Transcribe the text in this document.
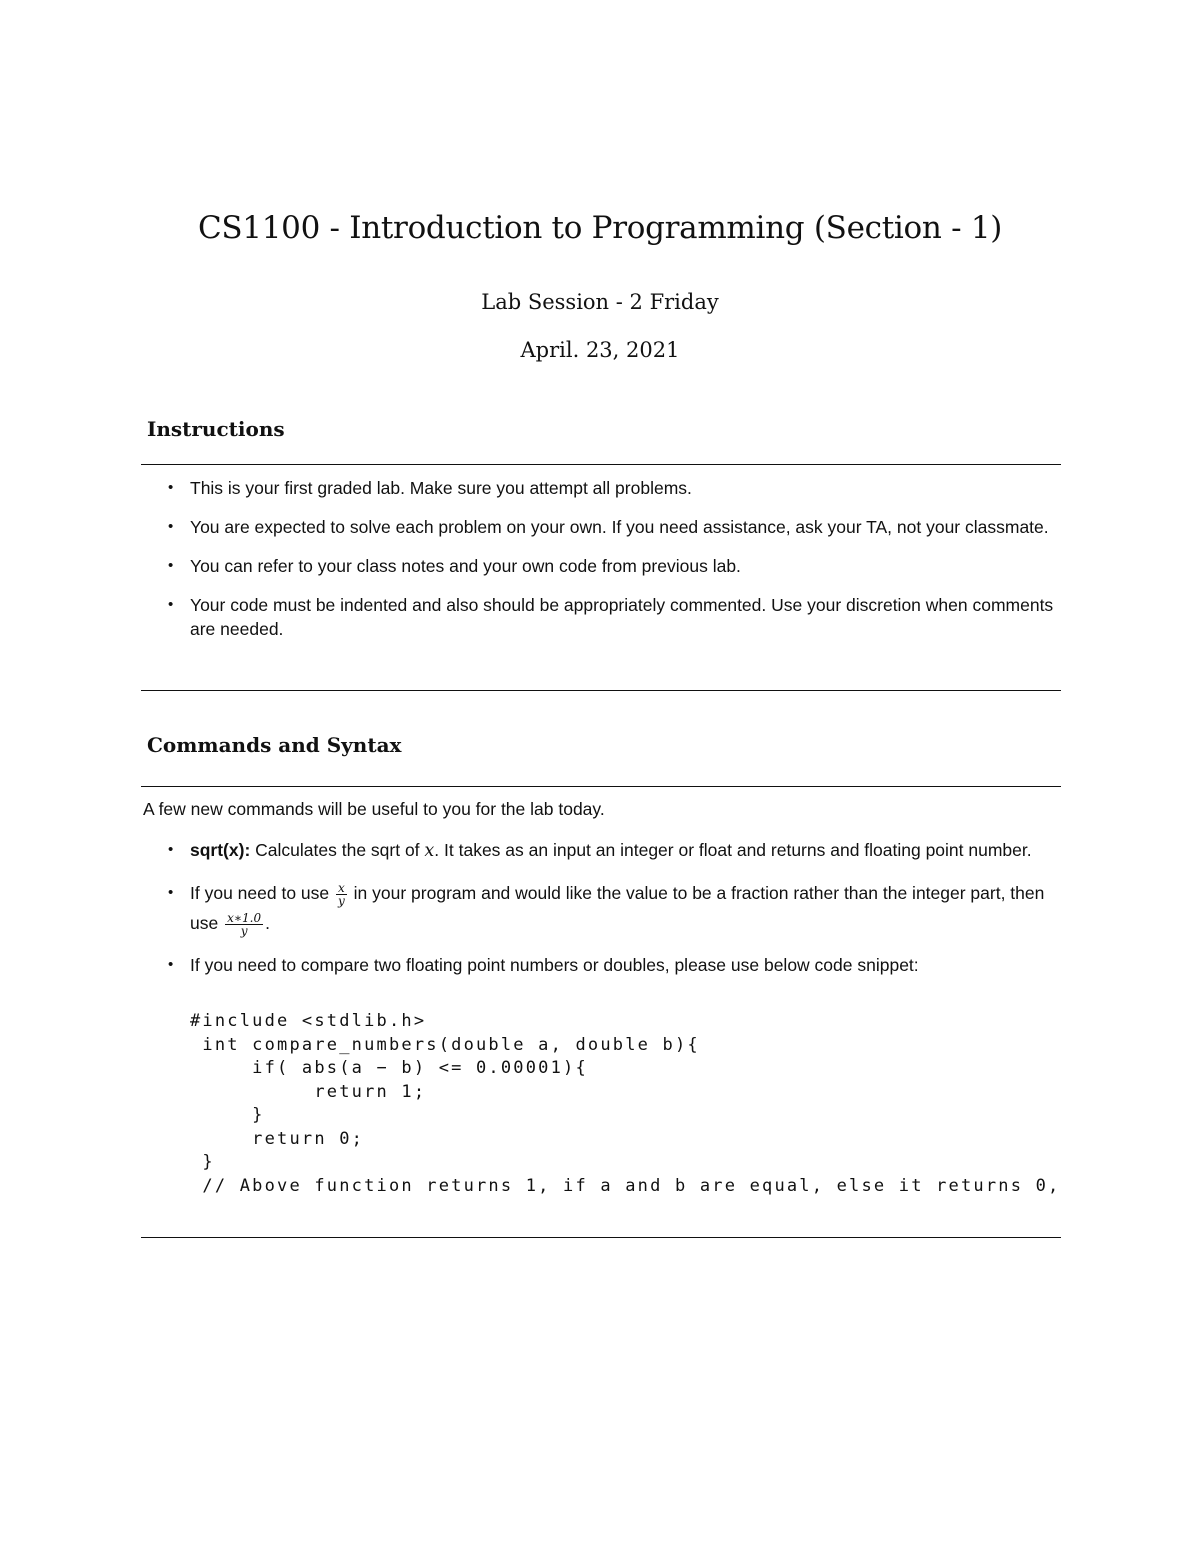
CS1100 - Introduction to Programming (Section - 1)
Lab Session - 2 Friday
April. 23, 2021
Instructions
• This is your first graded lab. Make sure you attempt all problems.
• You are expected to solve each problem on your own. If you need assistance, ask your TA, not your classmate.
• You can refer to your class notes and your own code from previous lab.
• Your code must be indented and also should be appropriately commented. Use your discretion when comments are needed.
Commands and Syntax
A few new commands will be useful to you for the lab today.
• sqrt(x): Calculates the sqrt of x. It takes as an input an integer or float and returns and floating point number.
• If you need to use $\frac{x}{y}$ in your program and would like the value to be a fraction rather than the integer part, then use $\frac{x∗1.0}{y}$ .
• If you need to compare two floating point numbers or doubles, please use below code snippet:
#include <stdlib.h>
int compare_numbers(double a, double b){
if( abs(a − b) <= 0.00001){
return 1;
}
return 0;
}
// Above function returns 1, if a and b are equal, else it returns 0,
